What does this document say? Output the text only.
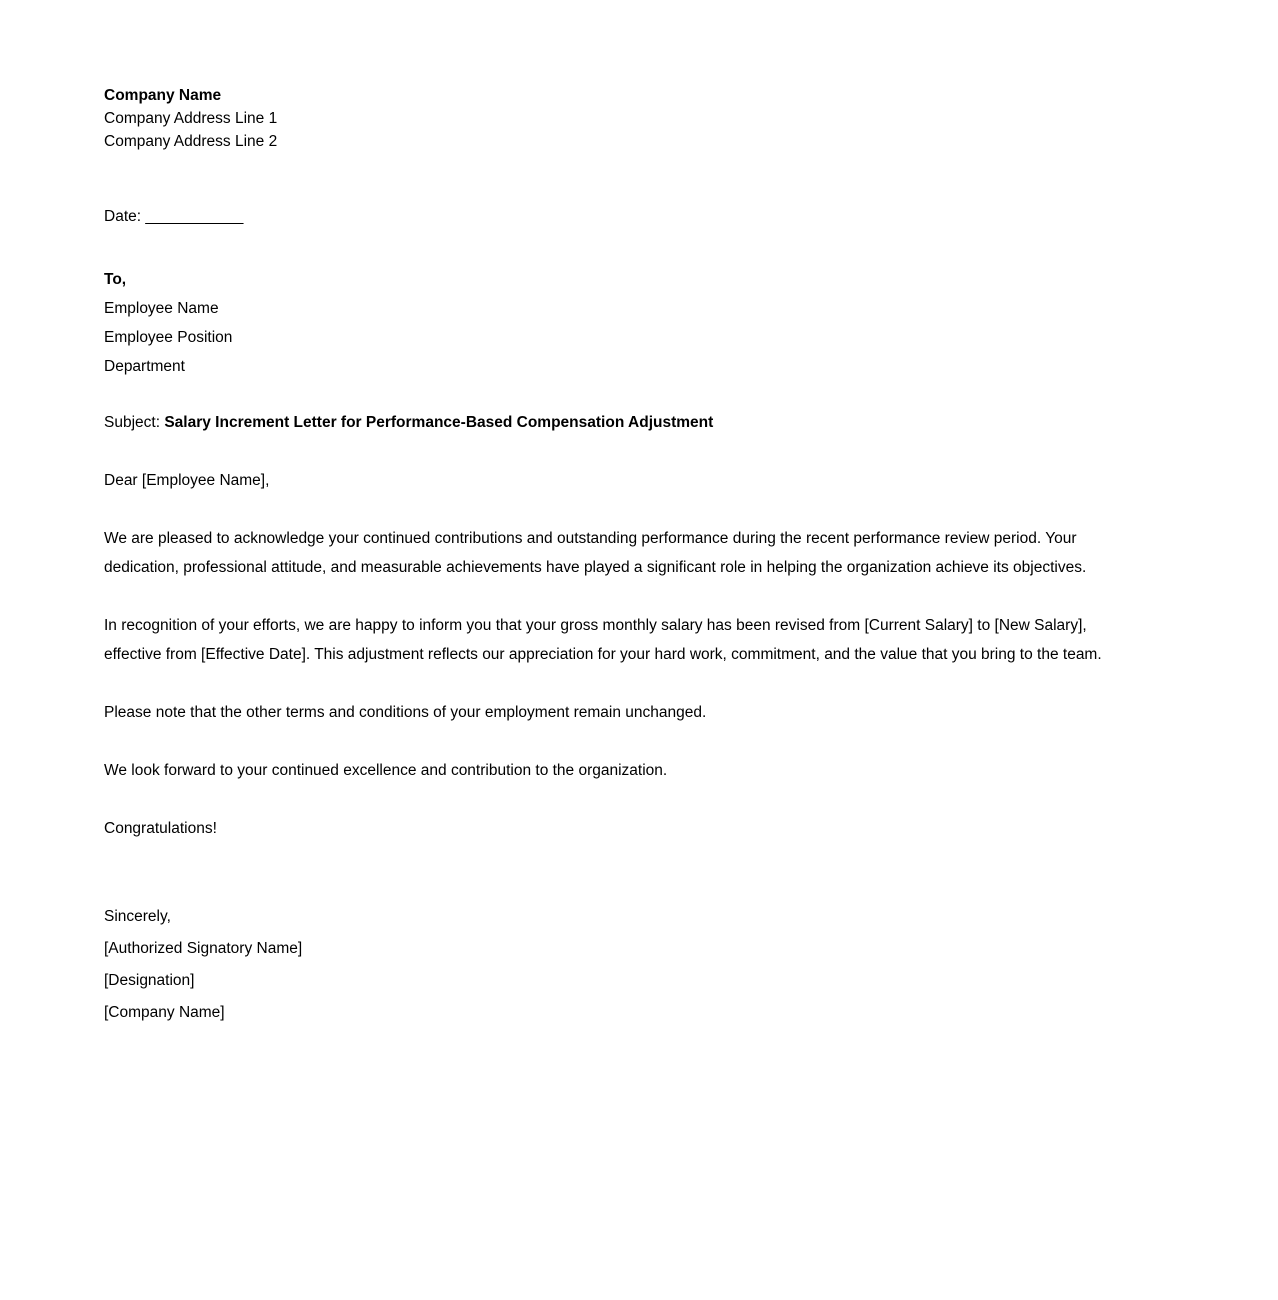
Company Name
Company Address Line 1
Company Address Line 2
Date: ____________
To,
Employee Name
Employee Position
Department
Subject: Salary Increment Letter for Performance-Based Compensation Adjustment

Dear [Employee Name],

We are pleased to acknowledge your continued contributions and outstanding performance during the recent performance review period. Your dedication, professional attitude, and measurable achievements have played a significant role in helping the organization achieve its objectives.

In recognition of your efforts, we are happy to inform you that your gross monthly salary has been revised from [Current Salary] to [New Salary], effective from [Effective Date]. This adjustment reflects our appreciation for your hard work, commitment, and the value that you bring to the team.

Please note that the other terms and conditions of your employment remain unchanged.

We look forward to your continued excellence and contribution to the organization.

Congratulations!

Sincerely,
[Authorized Signatory Name]
[Designation]
[Company Name]
